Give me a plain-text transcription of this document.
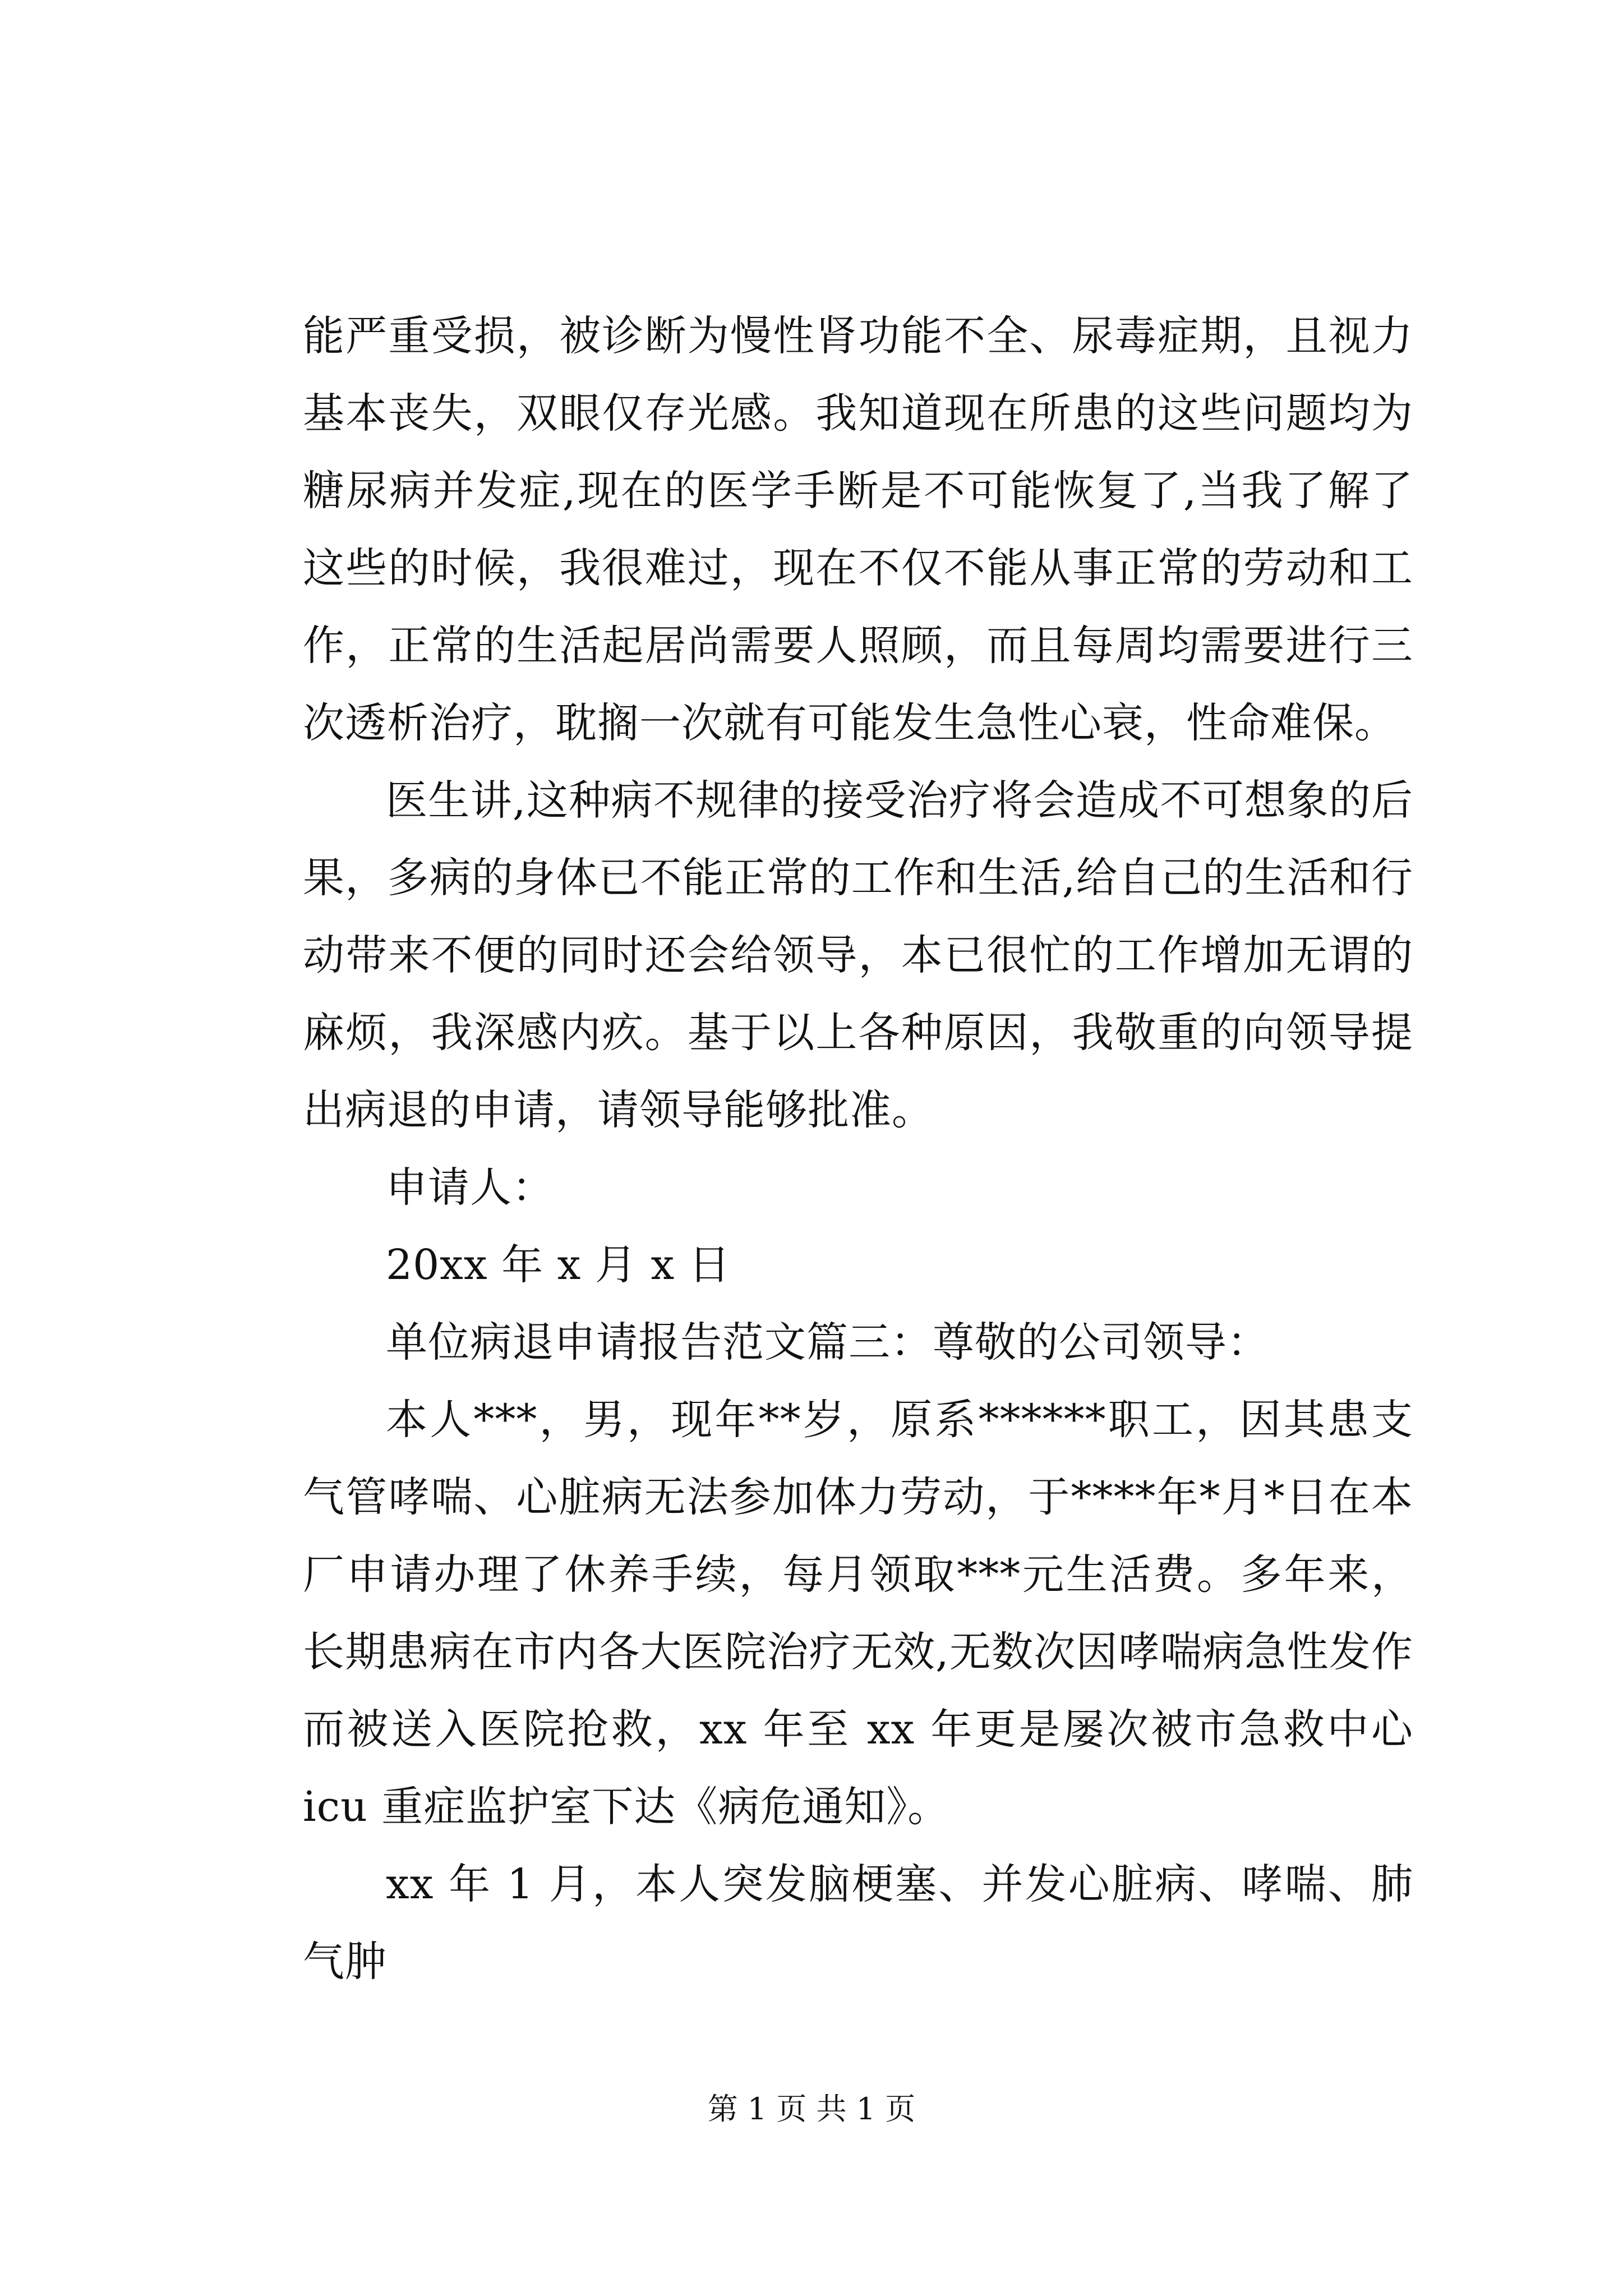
能严重受损，被诊断为慢性肾功能不全、尿毒症期，且视力基本丧失，双眼仅存光感。我知道现在所患的这些问题均为糖尿病并发症,现在的医学手断是不可能恢复了,当我了解了这些的时候，我很难过，现在不仅不能从事正常的劳动和工作，正常的生活起居尚需要人照顾，而且每周均需要进行三次透析治疗，耽搁一次就有可能发生急性心衰，性命难保。

医生讲,这种病不规律的接受治疗将会造成不可想象的后果，多病的身体已不能正常的工作和生活,给自己的生活和行动带来不便的同时还会给领导，本已很忙的工作增加无谓的麻烦，我深感内疚。基于以上各种原因，我敬重的向领导提出病退的申请，请领导能够批准。

申请人：

20xx 年 x 月 x 日

单位病退申请报告范文篇三：尊敬的公司领导：

本人***，男，现年**岁，原系******职工，因其患支气管哮喘、心脏病无法参加体力劳动，于****年*月*日在本厂申请办理了休养手续，每月领取***元生活费。多年来，长期患病在市内各大医院治疗无效,无数次因哮喘病急性发作而被送入医院抢救，xx 年至 xx 年更是屡次被市急救中心 icu 重症监护室下达《病危通知》。

xx 年 1 月，本人突发脑梗塞、并发心脏病、哮喘、肺气肿

第 1 页 共 1 页
